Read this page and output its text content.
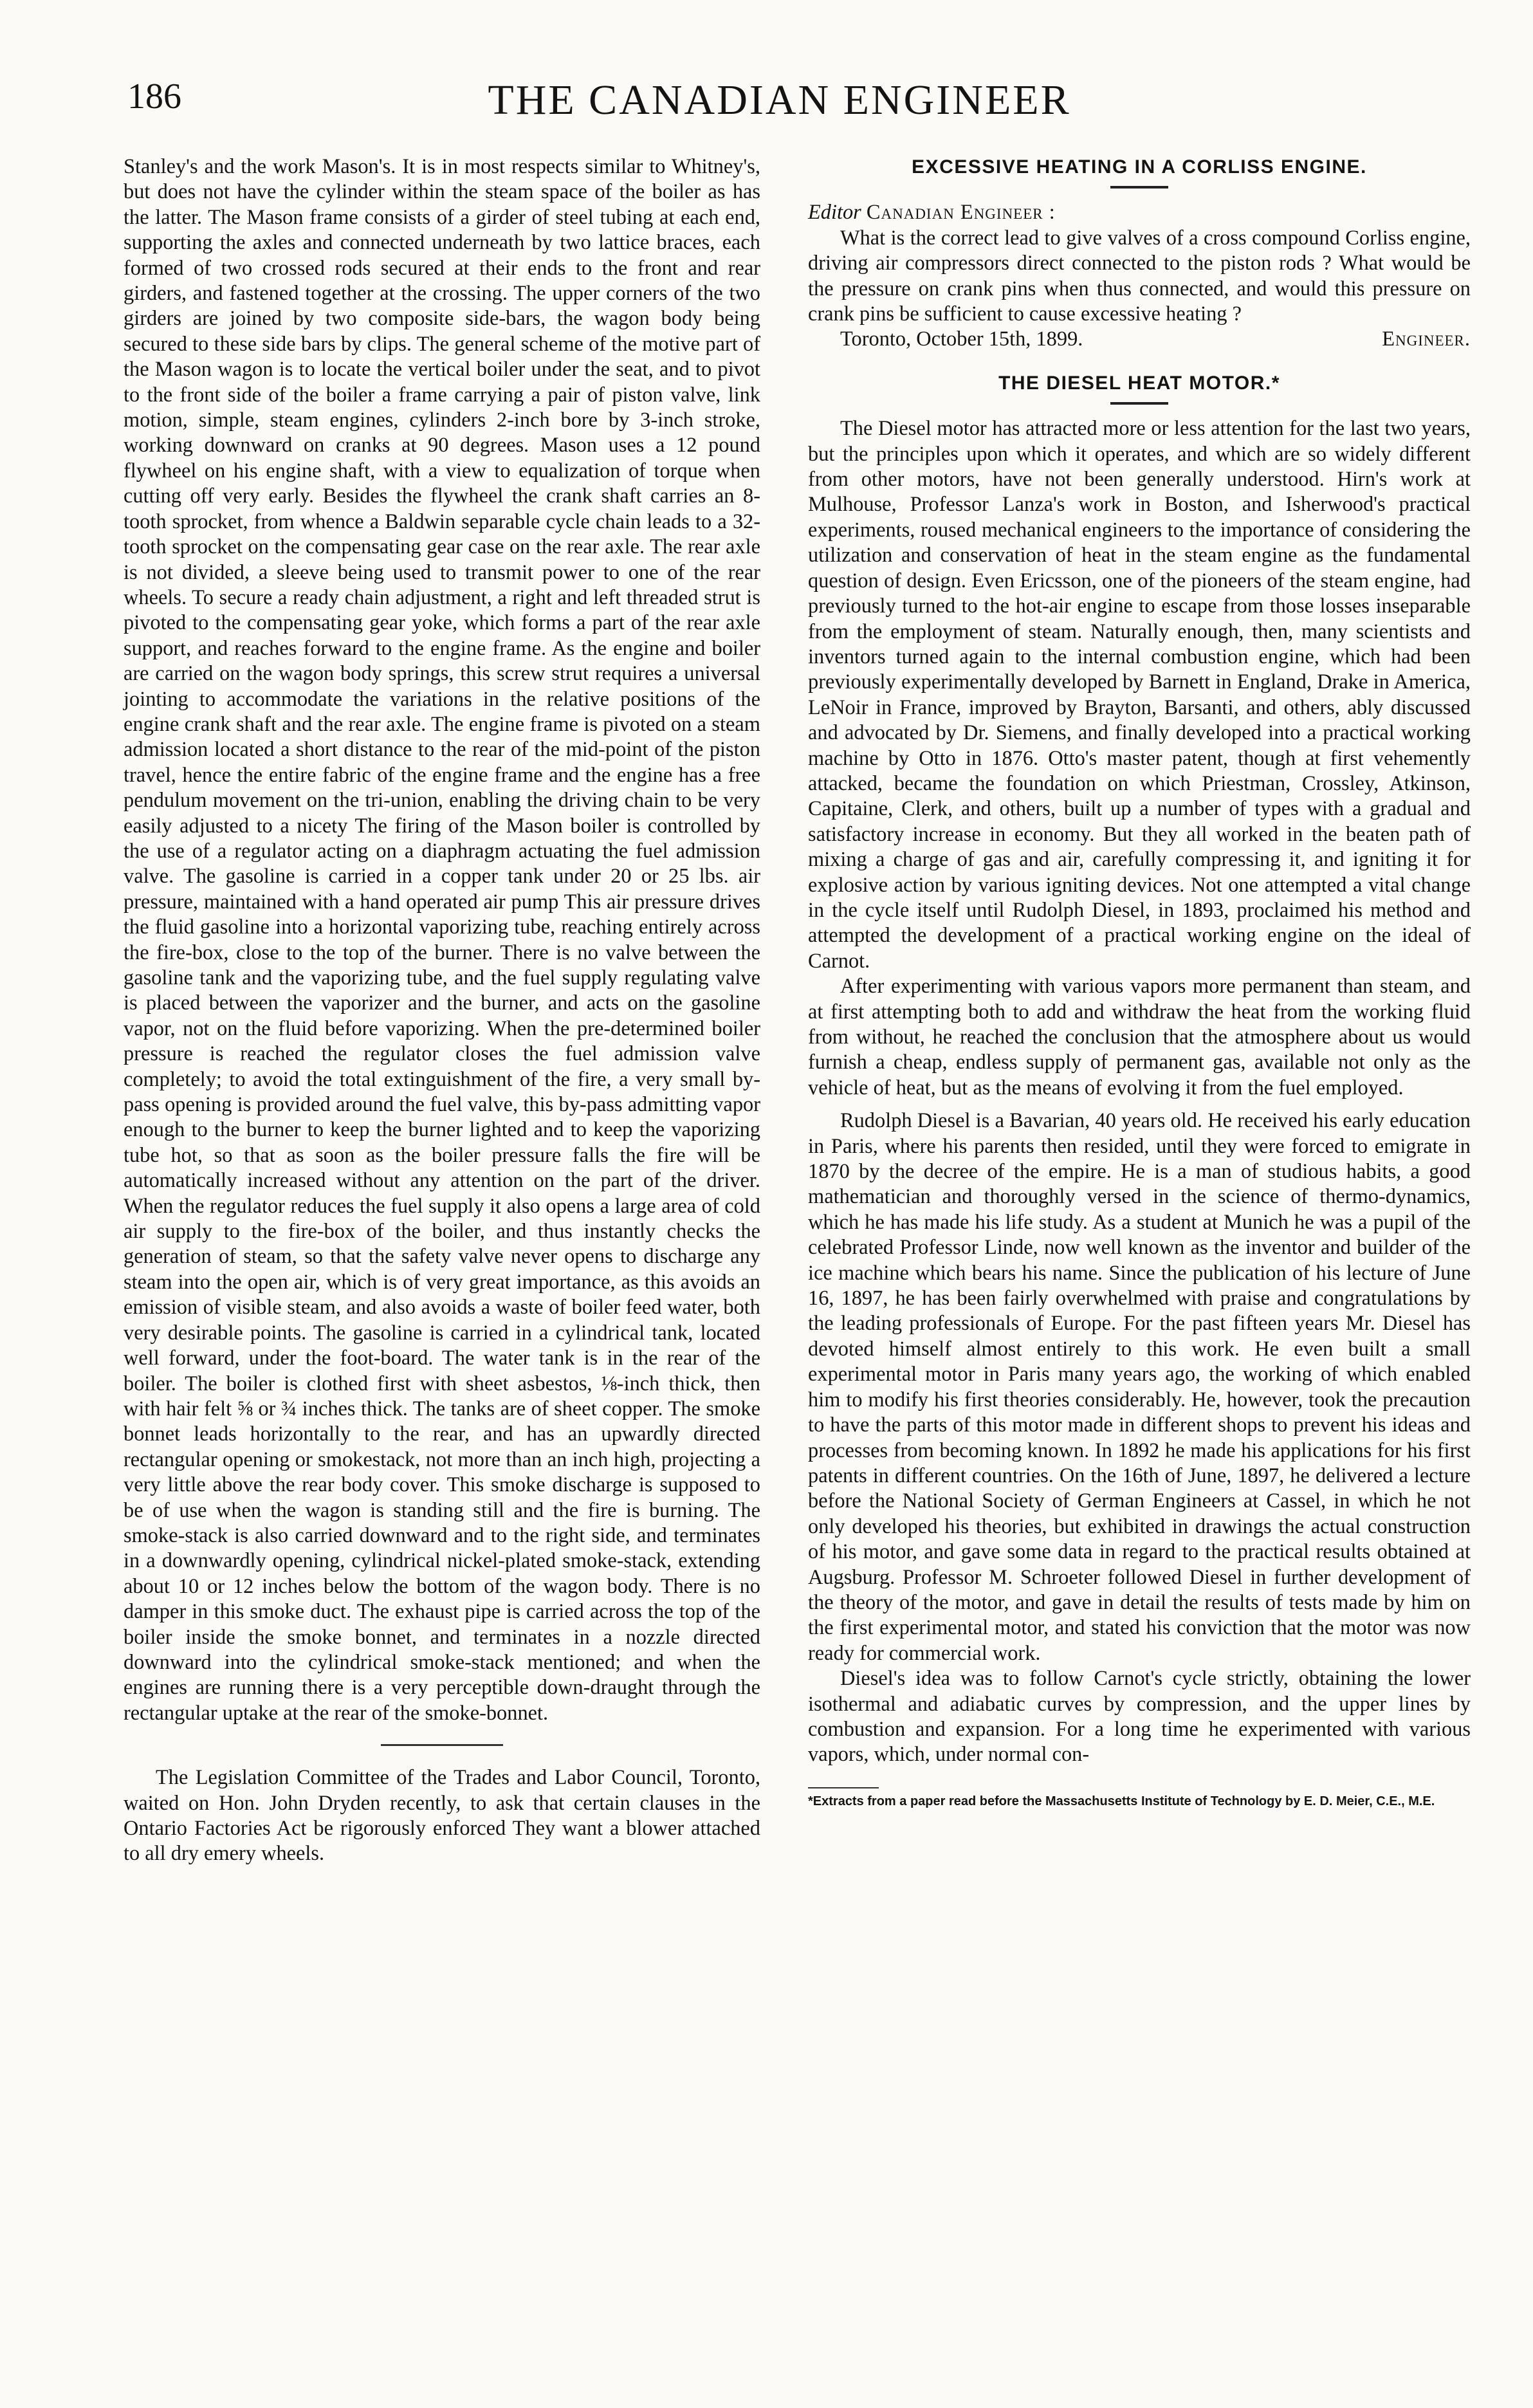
186	THE CANADIAN ENGINEER

Stanley's and the work Mason's. It is in most respects similar to Whitney's, but does not have the cylinder within the steam space of the boiler as has the latter. The Mason frame consists of a girder of steel tubing at each end, supporting the axles and connected underneath by two lattice braces, each formed of two crossed rods secured at their ends to the front and rear girders, and fastened together at the crossing. The upper corners of the two girders are joined by two composite side-bars, the wagon body being secured to these side bars by clips. The general scheme of the motive part of the Mason wagon is to locate the vertical boiler under the seat, and to pivot to the front side of the boiler a frame carrying a pair of piston valve, link motion, simple, steam engines, cylinders 2-inch bore by 3-inch stroke, working downward on cranks at 90 degrees. Mason uses a 12 pound flywheel on his engine shaft, with a view to equalization of torque when cutting off very early. Besides the flywheel the crank shaft carries an 8-tooth sprocket, from whence a Baldwin separable cycle chain leads to a 32-tooth sprocket on the compensating gear case on the rear axle. The rear axle is not divided, a sleeve being used to transmit power to one of the rear wheels. To secure a ready chain adjustment, a right and left threaded strut is pivoted to the compensating gear yoke, which forms a part of the rear axle support, and reaches forward to the engine frame. As the engine and boiler are carried on the wagon body springs, this screw strut requires a universal jointing to accommodate the variations in the relative positions of the engine crank shaft and the rear axle. The engine frame is pivoted on a steam admission located a short distance to the rear of the mid-point of the piston travel, hence the entire fabric of the engine frame and the engine has a free pendulum movement on the tri-union, enabling the driving chain to be very easily adjusted to a nicety The firing of the Mason boiler is controlled by the use of a regulator acting on a diaphragm actuating the fuel admission valve. The gasoline is carried in a copper tank under 20 or 25 lbs. air pressure, maintained with a hand operated air pump This air pressure drives the fluid gasoline into a horizontal vaporizing tube, reaching entirely across the fire-box, close to the top of the burner. There is no valve between the gasoline tank and the vaporizing tube, and the fuel supply regulating valve is placed between the vaporizer and the burner, and acts on the gasoline vapor, not on the fluid before vaporizing. When the pre-determined boiler pressure is reached the regulator closes the fuel admission valve completely; to avoid the total extinguishment of the fire, a very small by-pass opening is provided around the fuel valve, this by-pass admitting vapor enough to the burner to keep the burner lighted and to keep the vaporizing tube hot, so that as soon as the boiler pressure falls the fire will be automatically increased without any attention on the part of the driver. When the regulator reduces the fuel supply it also opens a large area of cold air supply to the fire-box of the boiler, and thus instantly checks the generation of steam, so that the safety valve never opens to discharge any steam into the open air, which is of very great importance, as this avoids an emission of visible steam, and also avoids a waste of boiler feed water, both very desirable points. The gasoline is carried in a cylindrical tank, located well forward, under the foot-board. The water tank is in the rear of the boiler. The boiler is clothed first with sheet asbestos, ⅛-inch thick, then with hair felt ⅝ or ¾ inches thick. The tanks are of sheet copper. The smoke bonnet leads horizontally to the rear, and has an upwardly directed rectangular opening or smokestack, not more than an inch high, projecting a very little above the rear body cover. This smoke discharge is supposed to be of use when the wagon is standing still and the fire is burning. The smoke-stack is also carried downward and to the right side, and terminates in a downwardly opening, cylindrical nickel-plated smoke-stack, extending about 10 or 12 inches below the bottom of the wagon body. There is no damper in this smoke duct. The exhaust pipe is carried across the top of the boiler inside the smoke bonnet, and terminates in a nozzle directed downward into the cylindrical smoke-stack mentioned; and when the engines are running there is a very perceptible down-draught through the rectangular uptake at the rear of the smoke-bonnet.

The Legislation Committee of the Trades and Labor Council, Toronto, waited on Hon. John Dryden recently, to ask that certain clauses in the Ontario Factories Act be rigorously enforced They want a blower attached to all dry emery wheels.

EXCESSIVE HEATING IN A CORLISS ENGINE.

Editor Canadian Engineer :

What is the correct lead to give valves of a cross compound Corliss engine, driving air compressors direct connected to the piston rods ? What would be the pressure on crank pins when thus connected, and would this pressure on crank pins be sufficient to cause excessive heating ?

Toronto, October 15th, 1899.	Engineer.
THE DIESEL HEAT MOTOR.*

The Diesel motor has attracted more or less attention for the last two years, but the principles upon which it operates, and which are so widely different from other motors, have not been generally understood. Hirn's work at Mulhouse, Professor Lanza's work in Boston, and Isherwood's practical experiments, roused mechanical engineers to the importance of considering the utilization and conservation of heat in the steam engine as the fundamental question of design. Even Ericsson, one of the pioneers of the steam engine, had previously turned to the hot-air engine to escape from those losses inseparable from the employment of steam. Naturally enough, then, many scientists and inventors turned again to the internal combustion engine, which had been previously experimentally developed by Barnett in England, Drake in America, LeNoir in France, improved by Brayton, Barsanti, and others, ably discussed and advocated by Dr. Siemens, and finally developed into a practical working machine by Otto in 1876. Otto's master patent, though at first vehemently attacked, became the foundation on which Priestman, Crossley, Atkinson, Capitaine, Clerk, and others, built up a number of types with a gradual and satisfactory increase in economy. But they all worked in the beaten path of mixing a charge of gas and air, carefully compressing it, and igniting it for explosive action by various igniting devices. Not one attempted a vital change in the cycle itself until Rudolph Diesel, in 1893, proclaimed his method and attempted the development of a practical working engine on the ideal of Carnot.

After experimenting with various vapors more permanent than steam, and at first attempting both to add and withdraw the heat from the working fluid from without, he reached the conclusion that the atmosphere about us would furnish a cheap, endless supply of permanent gas, available not only as the vehicle of heat, but as the means of evolving it from the fuel employed.

Rudolph Diesel is a Bavarian, 40 years old. He received his early education in Paris, where his parents then resided, until they were forced to emigrate in 1870 by the decree of the empire. He is a man of studious habits, a good mathematician and thoroughly versed in the science of thermo-dynamics, which he has made his life study. As a student at Munich he was a pupil of the celebrated Professor Linde, now well known as the inventor and builder of the ice machine which bears his name. Since the publication of his lecture of June 16, 1897, he has been fairly overwhelmed with praise and congratulations by the leading professionals of Europe. For the past fifteen years Mr. Diesel has devoted himself almost entirely to this work. He even built a small experimental motor in Paris many years ago, the working of which enabled him to modify his first theories considerably. He, however, took the precaution to have the parts of this motor made in different shops to prevent his ideas and processes from becoming known. In 1892 he made his applications for his first patents in different countries. On the 16th of June, 1897, he delivered a lecture before the National Society of German Engineers at Cassel, in which he not only developed his theories, but exhibited in drawings the actual construction of his motor, and gave some data in regard to the practical results obtained at Augsburg. Professor M. Schroeter followed Diesel in further development of the theory of the motor, and gave in detail the results of tests made by him on the first experimental motor, and stated his conviction that the motor was now ready for commercial work.

Diesel's idea was to follow Carnot's cycle strictly, obtaining the lower isothermal and adiabatic curves by compression, and the upper lines by combustion and expansion. For a long time he experimented with various vapors, which, under normal con-

*Extracts from a paper read before the Massachusetts Institute of Technology by E. D. Meier, C.E., M.E.
